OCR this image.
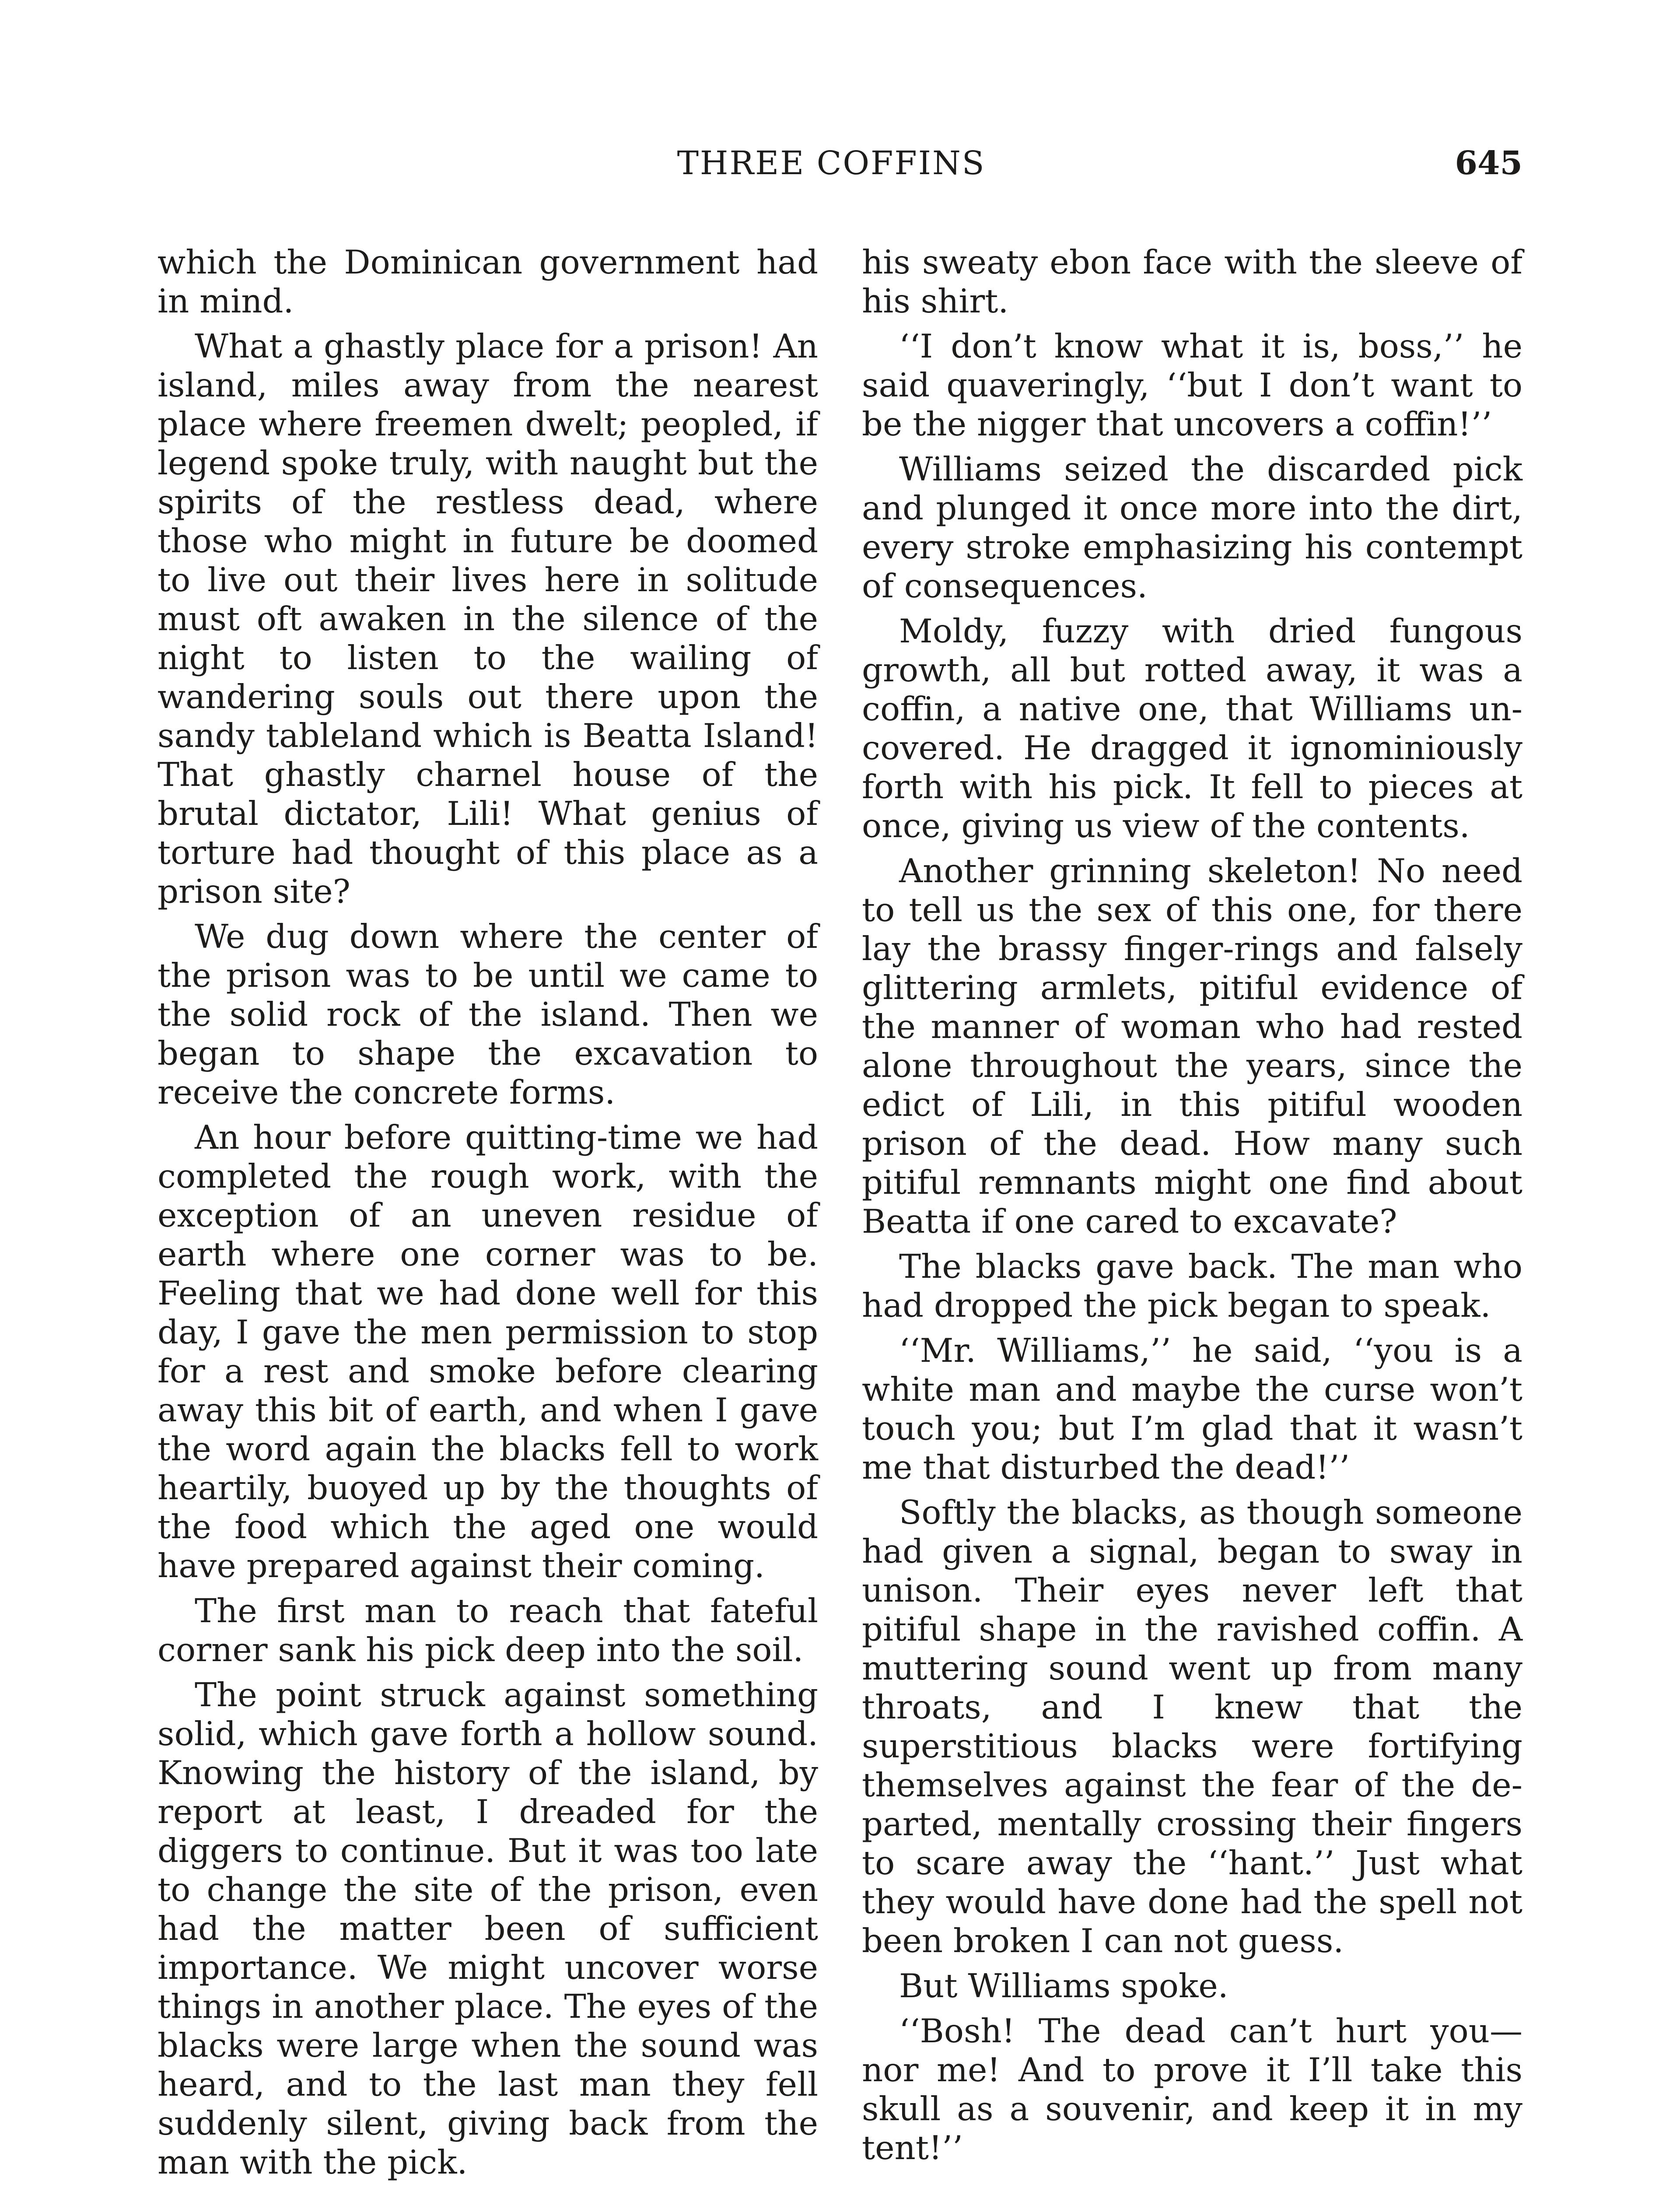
THREE COFFINS	645

which the Dominican government had in mind.

What a ghastly place for a prison! An island, miles away from the nearest place where freemen dwelt; peopled, if legend spoke truly, with naught but the spirits of the restless dead, where those who might in future be doomed to live out their lives here in solitude must oft awaken in the silence of the night to listen to the wailing of wandering souls out there upon the sandy tableland which is Beatta Island! That ghastly charnel house of the brutal dictator, Lili! What genius of torture had thought of this place as a prison site?

We dug down where the center of the prison was to be until we came to the solid rock of the island. Then we began to shape the excavation to receive the concrete forms.

An hour before quitting-time we had completed the rough work, with the exception of an uneven residue of earth where one corner was to be. Feeling that we had done well for this day, I gave the men permission to stop for a rest and smoke before clearing away this bit of earth, and when I gave the word again the blacks fell to work heartily, buoyed up by the thoughts of the food which the aged one would have prepared against their coming.

The first man to reach that fateful corner sank his pick deep into the soil.

The point struck against something solid, which gave forth a hollow sound. Knowing the history of the island, by report at least, I dreaded for the diggers to continue. But it was too late to change the site of the prison, even had the matter been of sufficient importance. We might uncover worse things in another place. The eyes of the blacks were large when the sound was heard, and to the last man they fell suddenly silent, giving back from the man with the pick.

his sweaty ebon face with the sleeve of his shirt.

‘‘I don’t know what it is, boss,’’ he said quaveringly, ‘‘but I don’t want to be the nigger that uncovers a coffin!’’

Williams seized the discarded pick and plunged it once more into the dirt, every stroke emphasizing his contempt of consequences.

Moldy, fuzzy with dried fungous growth, all but rotted away, it was a coffin, a native one, that Williams uncovered. He dragged it ignominiously forth with his pick. It fell to pieces at once, giving us view of the contents.

Another grinning skeleton! No need to tell us the sex of this one, for there lay the brassy finger-rings and falsely glittering armlets, pitiful evidence of the manner of woman who had rested alone throughout the years, since the edict of Lili, in this pitiful wooden prison of the dead. How many such pitiful remnants might one find about Beatta if one cared to excavate?

The blacks gave back. The man who had dropped the pick began to speak.

‘‘Mr. Williams,’’ he said, ‘‘you is a white man and maybe the curse won’t touch you; but I’m glad that it wasn’t me that disturbed the dead!’’

Softly the blacks, as though someone had given a signal, began to sway in unison. Their eyes never left that pitiful shape in the ravished coffin. A muttering sound went up from many throats, and I knew that the superstitious blacks were fortifying themselves against the fear of the departed, mentally crossing their fingers to scare away the ‘‘hant.’’ Just what they would have done had the spell not been broken I can not guess.

But Williams spoke.

‘‘Bosh! The dead can’t hurt you— nor me! And to prove it I’ll take this skull as a souvenir, and keep it in my tent!’’
